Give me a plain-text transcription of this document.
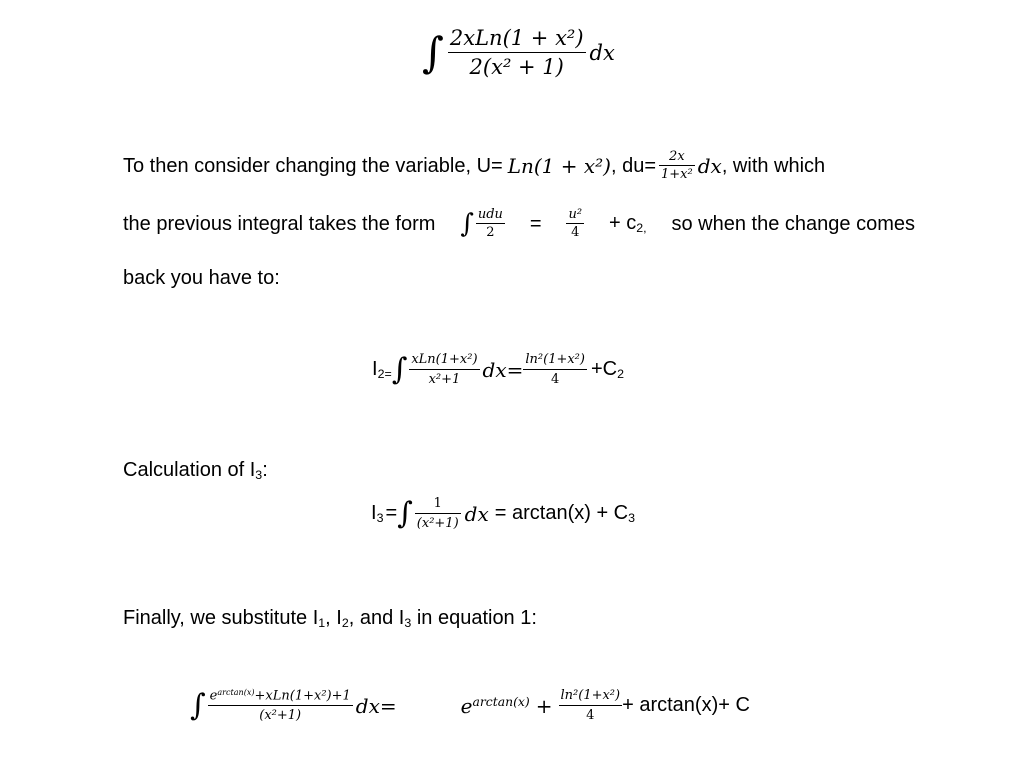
∫ $\frac{\text{2xLn(1 + x²)}}{\text{2(x² + 1)}}$ dx
To then consider changing the variable, U= Ln(1 + x²) , $du= \frac{2x}{\text{1+x²}}$ dx , with which
the previous integral takes the form ∫ $\frac{\text{udu}}{2} = \frac{\text{u²}}{4} + c_{2,}$ so when the change comes
back you have to:
$I_{2=}$ ∫ $\frac{\text{xLn(1+x²)}}{\text{x²+1}} dx= \frac{\text{ln²(1+x²)}}{4} +C_2$
Calculation of $I_3$:
$I_3$ = ∫ $\frac{1}{\text{(x²+1)}}$ dx = $\arctan(x) + C_3$
Finally, we substitute $I_1$, $I_2$, and $I_3$ in equation 1:
∫ $\frac{e^{arctan(x)}+xLn(1+x^2)+1}{\text{(x²+1)}} dx=$	$e^{arctan(x)} + \frac{\text{ln²(1+x²)}}{4} + \arctan(x)+ C$
